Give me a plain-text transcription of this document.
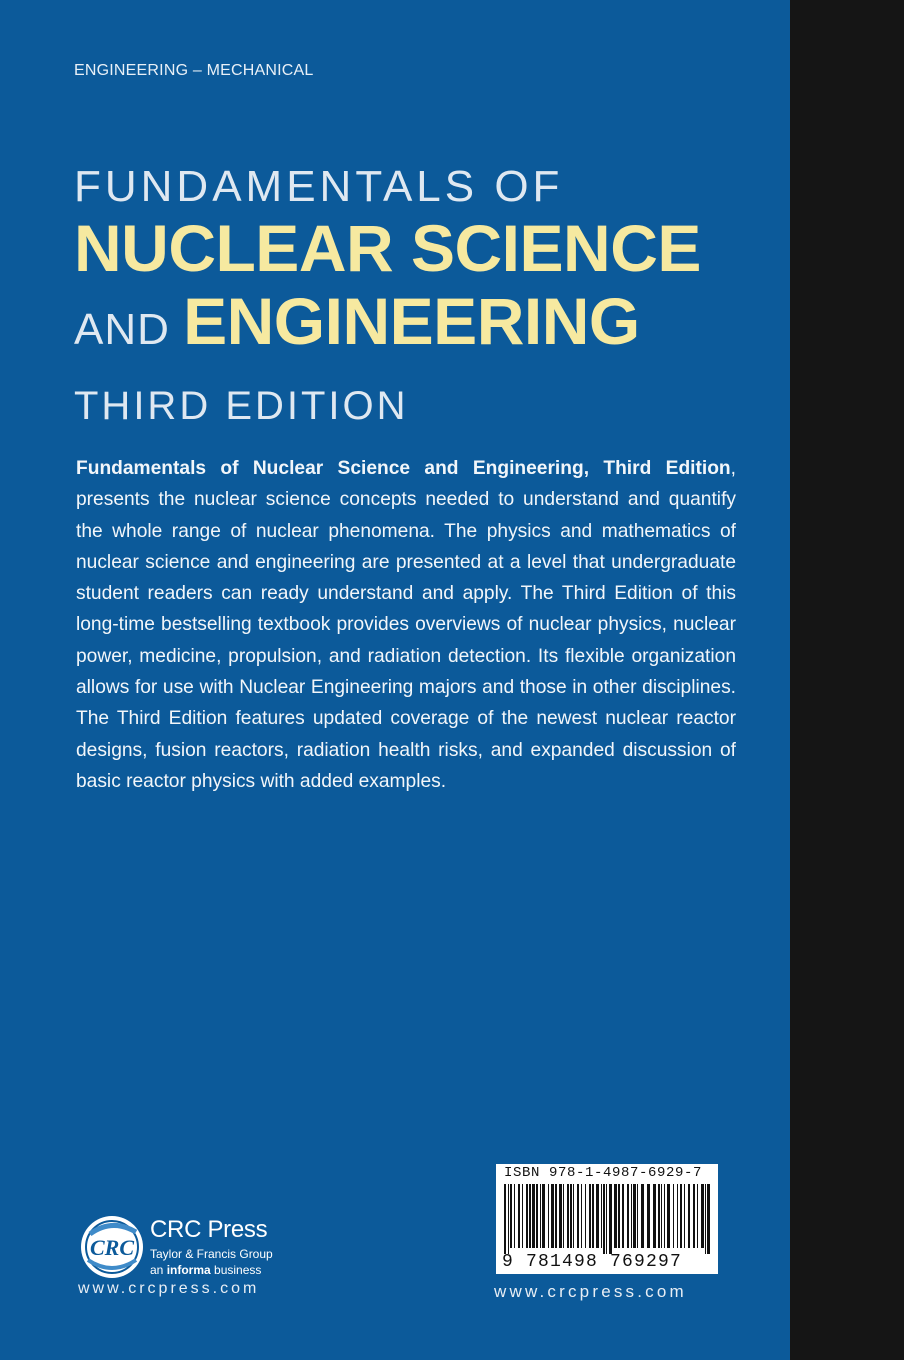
ENGINEERING – MECHANICAL
FUNDAMENTALS OF
NUCLEAR SCIENCE
AND ENGINEERING
THIRD EDITION
Fundamentals of Nuclear Science and Engineering, Third Edition, presents the nuclear science concepts needed to understand and quantify the whole range of nuclear phenomena. The physics and mathematics of nuclear science and engineering are presented at a level that undergraduate student readers can ready understand and apply. The Third Edition of this long-time bestselling textbook provides overviews of nuclear physics, nuclear power, medicine, propulsion, and radiation detection. Its flexible organization allows for use with Nuclear Engineering majors and those in other disciplines. The Third Edition features updated coverage of the newest nuclear reactor designs, fusion reactors, radiation health risks, and expanded discussion of basic reactor physics with added examples.
CRC
CRC Press
Taylor & Francis Group
an informa business
www.crcpress.com
ISBN 978-1-4987-6929-7
9 781498 769297
www.crcpress.com
